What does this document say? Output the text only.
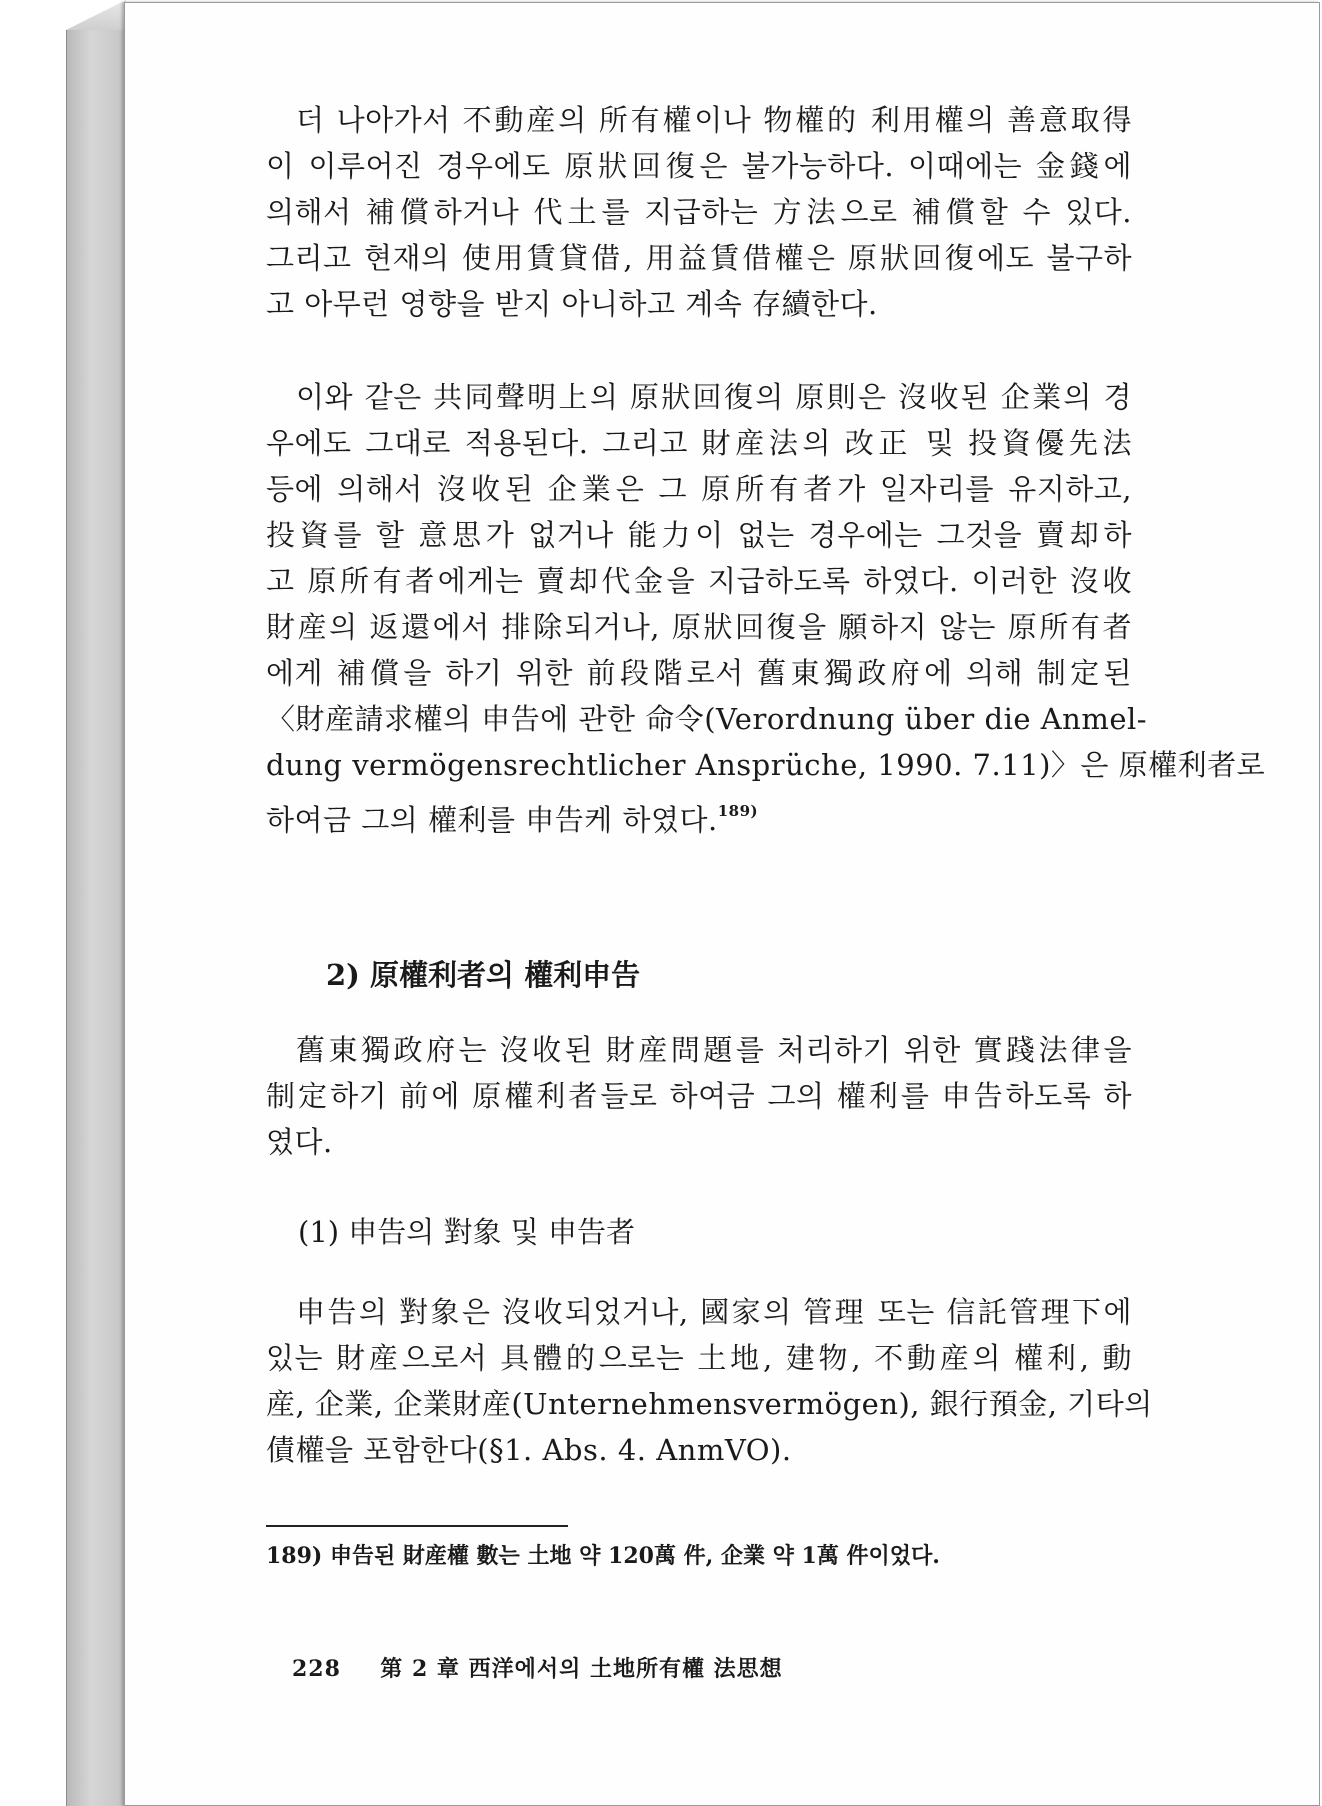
더 나아가서 不動産의 所有權이나 物權的 利用權의 善意取得
이 이루어진 경우에도 原狀回復은 불가능하다. 이때에는 金錢에
의해서 補償하거나 代土를 지급하는 方法으로 補償할 수 있다.
그리고 현재의 使用賃貸借, 用益賃借權은 原狀回復에도 불구하
고 아무런 영향을 받지 아니하고 계속 存續한다.
이와 같은 共同聲明上의 原狀回復의 原則은 沒收된 企業의 경
우에도 그대로 적용된다. 그리고 財産法의 改正 및 投資優先法
등에 의해서 沒收된 企業은 그 原所有者가 일자리를 유지하고,
投資를 할 意思가 없거나 能力이 없는 경우에는 그것을 賣却하
고 原所有者에게는 賣却代金을 지급하도록 하였다. 이러한 沒收
財産의 返還에서 排除되거나, 原狀回復을 願하지 않는 原所有者
에게 補償을 하기 위한 前段階로서 舊東獨政府에 의해 制定된
〈財産請求權의 申告에 관한 命令(Verordnung über die Anmel-
dung vermögensrechtlicher Ansprüche, 1990. 7.11)〉은 原權利者로
하여금 그의 權利를 申告케 하였다.$^{189)}$
2) 原權利者의 權利申告
舊東獨政府는 沒收된 財産問題를 처리하기 위한 實踐法律을
制定하기 前에 原權利者들로 하여금 그의 權利를 申告하도록 하
였다.
(1) 申告의 對象 및 申告者
申告의 對象은 沒收되었거나, 國家의 管理 또는 信託管理下에
있는 財産으로서 具體的으로는 土地, 建物, 不動産의 權利, 動
産, 企業, 企業財産(Unternehmensvermögen), 銀行預金, 기타의
債權을 포함한다(§1. Abs. 4. AnmVO).
189) 申告된 財産權 數는 土地 약 120萬 件, 企業 약 1萬 件이었다.
228 第 2 章 西洋에서의 土地所有權 法思想
